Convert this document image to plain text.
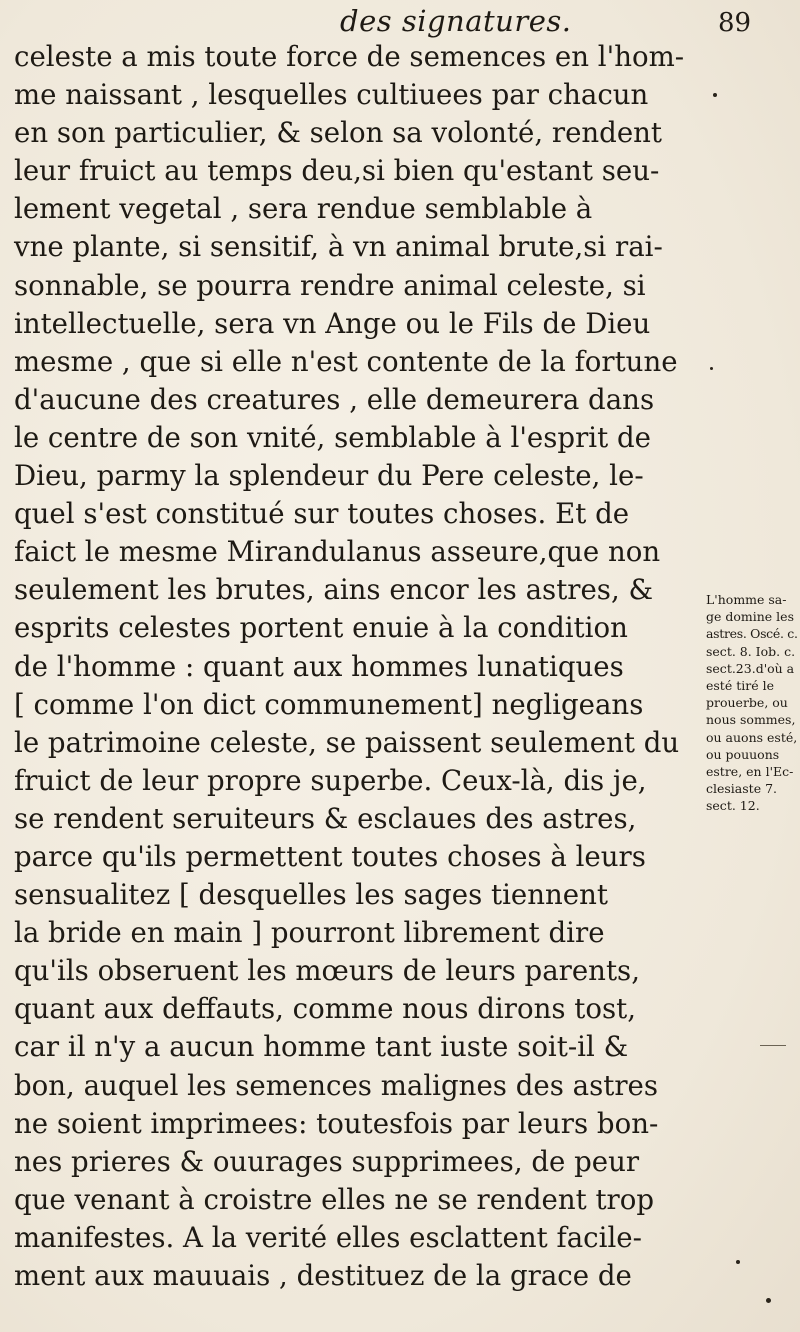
des signatures.	89
celeste a mis toute force de semences en l'hom-
me naissant , lesquelles cultiuees par chacun
en son particulier, & selon sa volonté, rendent
leur fruict au temps deu,si bien qu'estant seu-
lement vegetal , sera rendue semblable à
vne plante, si sensitif, à vn animal brute,si rai-
sonnable, se pourra rendre animal celeste, si
intellectuelle, sera vn Ange ou le Fils de Dieu
mesme , que si elle n'est contente de la fortune
d'aucune des creatures , elle demeurera dans
le centre de son vnité, semblable à l'esprit de
Dieu, parmy la splendeur du Pere celeste, le-
quel s'est constitué sur toutes choses. Et de
faict le mesme Mirandulanus asseure,que non
seulement les brutes, ains encor les astres, &
esprits celestes portent enuie à la condition
de l'homme : quant aux hommes lunatiques
[ comme l'on dict communement] negligeans
le patrimoine celeste, se paissent seulement du
fruict de leur propre superbe. Ceux-là, dis je,
se rendent seruiteurs & esclaues des astres,
parce qu'ils permettent toutes choses à leurs
sensualitez [ desquelles les sages tiennent
la bride en main ] pourront librement dire
qu'ils obseruent les mœurs de leurs parents,
quant aux deffauts, comme nous dirons tost,
car il n'y a aucun homme tant iuste soit-il &
bon, auquel les semences malignes des astres
ne soient imprimees: toutesfois par leurs bon-
nes prieres & ouurages supprimees, de peur
que venant à croistre elles ne se rendent trop
manifestes. A la verité elles esclattent facile-
ment aux mauuais , destituez de la grace de
L'homme sa-
ge domine les
astres. Oscé. c.
sect. 8. Iob. c.
sect.23.d'où a
esté tiré le
prouerbe, ou
nous sommes,
ou auons esté,
ou pouuons
estre, en l'Ec-
clesiaste 7.
sect. 12.
